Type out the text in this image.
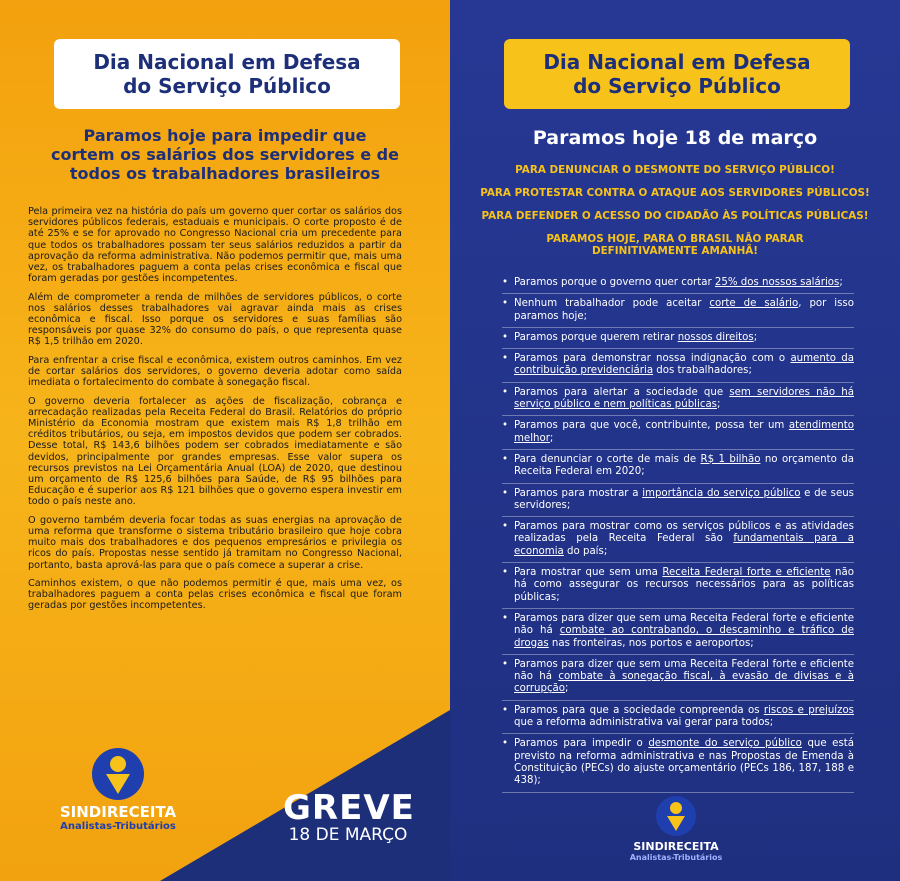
Dia Nacional em Defesa
do Serviço Público
Paramos hoje para impedir que
cortem os salários dos servidores e de
todos os trabalhadores brasileiros

Pela primeira vez na história do país um governo quer cortar os salários dos servidores públicos federais, estaduais e municipais. O corte proposto é de até 25% e se for aprovado no Congresso Nacional cria um precedente para que todos os trabalhadores possam ter seus salários reduzidos a partir da aprovação da reforma administrativa. Não podemos permitir que, mais uma vez, os trabalhadores paguem a conta pelas crises econômica e fiscal que foram geradas por gestões incompetentes.

Além de comprometer a renda de milhões de servidores públicos, o corte nos salários desses trabalhadores vai agravar ainda mais as crises econômica e fiscal. Isso porque os servidores e suas famílias são responsáveis por quase 32% do consumo do país, o que representa quase R$ 1,5 trilhão em 2020.

Para enfrentar a crise fiscal e econômica, existem outros caminhos. Em vez de cortar salários dos servidores, o governo deveria adotar como saída imediata o fortalecimento do combate à sonegação fiscal.

O governo deveria fortalecer as ações de fiscalização, cobrança e arrecadação realizadas pela Receita Federal do Brasil. Relatórios do próprio Ministério da Economia mostram que existem mais R$ 1,8 trilhão em créditos tributários, ou seja, em impostos devidos que podem ser cobrados. Desse total, R$ 143,6 bilhões podem ser cobrados imediatamente e são devidos, principalmente por grandes empresas. Esse valor supera os recursos previstos na Lei Orçamentária Anual (LOA) de 2020, que destinou um orçamento de R$ 125,6 bilhões para Saúde, de R$ 95 bilhões para Educação e é superior aos R$ 121 bilhões que o governo espera investir em todo o país neste ano.

O governo também deveria focar todas as suas energias na aprovação de uma reforma que transforme o sistema tributário brasileiro que hoje cobra muito mais dos trabalhadores e dos pequenos empresários e privilegia os ricos do país. Propostas nesse sentido já tramitam no Congresso Nacional, portanto, basta aprová-las para que o país comece a superar a crise.

Caminhos existem, o que não podemos permitir é que, mais uma vez, os trabalhadores paguem a conta pelas crises econômica e fiscal que foram geradas por gestões incompetentes.

SINDIRECEITA
Analistas-Tributários	GREVE
18 DE MARÇO
Dia Nacional em Defesa
do Serviço Público
Paramos hoje 18 de março
PARA DENUNCIAR O DESMONTE DO SERVIÇO PÚBLICO!
PARA PROTESTAR CONTRA O ATAQUE AOS SERVIDORES PÚBLICOS!
PARA DEFENDER O ACESSO DO CIDADÃO ÀS POLÍTICAS PÚBLICAS!
PARAMOS HOJE, PARA O BRASIL NÃO PARAR
DEFINITIVAMENTE AMANHÃ!
• Paramos porque o governo quer cortar 25% dos nossos salários;
• Nenhum trabalhador pode aceitar corte de salário, por isso paramos hoje;
• Paramos porque querem retirar nossos direitos;
• Paramos para demonstrar nossa indignação com o aumento da contribuição previdenciária dos trabalhadores;
• Paramos para alertar a sociedade que sem servidores não há serviço público e nem políticas públicas;
• Paramos para que você, contribuinte, possa ter um atendimento melhor;
• Para denunciar o corte de mais de R$ 1 bilhão no orçamento da Receita Federal em 2020;
• Paramos para mostrar a importância do serviço público e de seus servidores;
• Paramos para mostrar como os serviços públicos e as atividades realizadas pela Receita Federal são fundamentais para a economia do país;
• Para mostrar que sem uma Receita Federal forte e eficiente não há como assegurar os recursos necessários para as políticas públicas;
• Paramos para dizer que sem uma Receita Federal forte e eficiente não há combate ao contrabando, o descaminho e tráfico de drogas nas fronteiras, nos portos e aeroportos;
• Paramos para dizer que sem uma Receita Federal forte e eficiente não há combate à sonegação fiscal, à evasão de divisas e à corrupção;
• Paramos para que a sociedade compreenda os riscos e prejuízos que a reforma administrativa vai gerar para todos;
• Paramos para impedir o desmonte do serviço público que está previsto na reforma administrativa e nas Propostas de Emenda à Constituição (PECs) do ajuste orçamentário (PECs 186, 187, 188 e 438);
SINDIRECEITA
Analistas-Tributários
